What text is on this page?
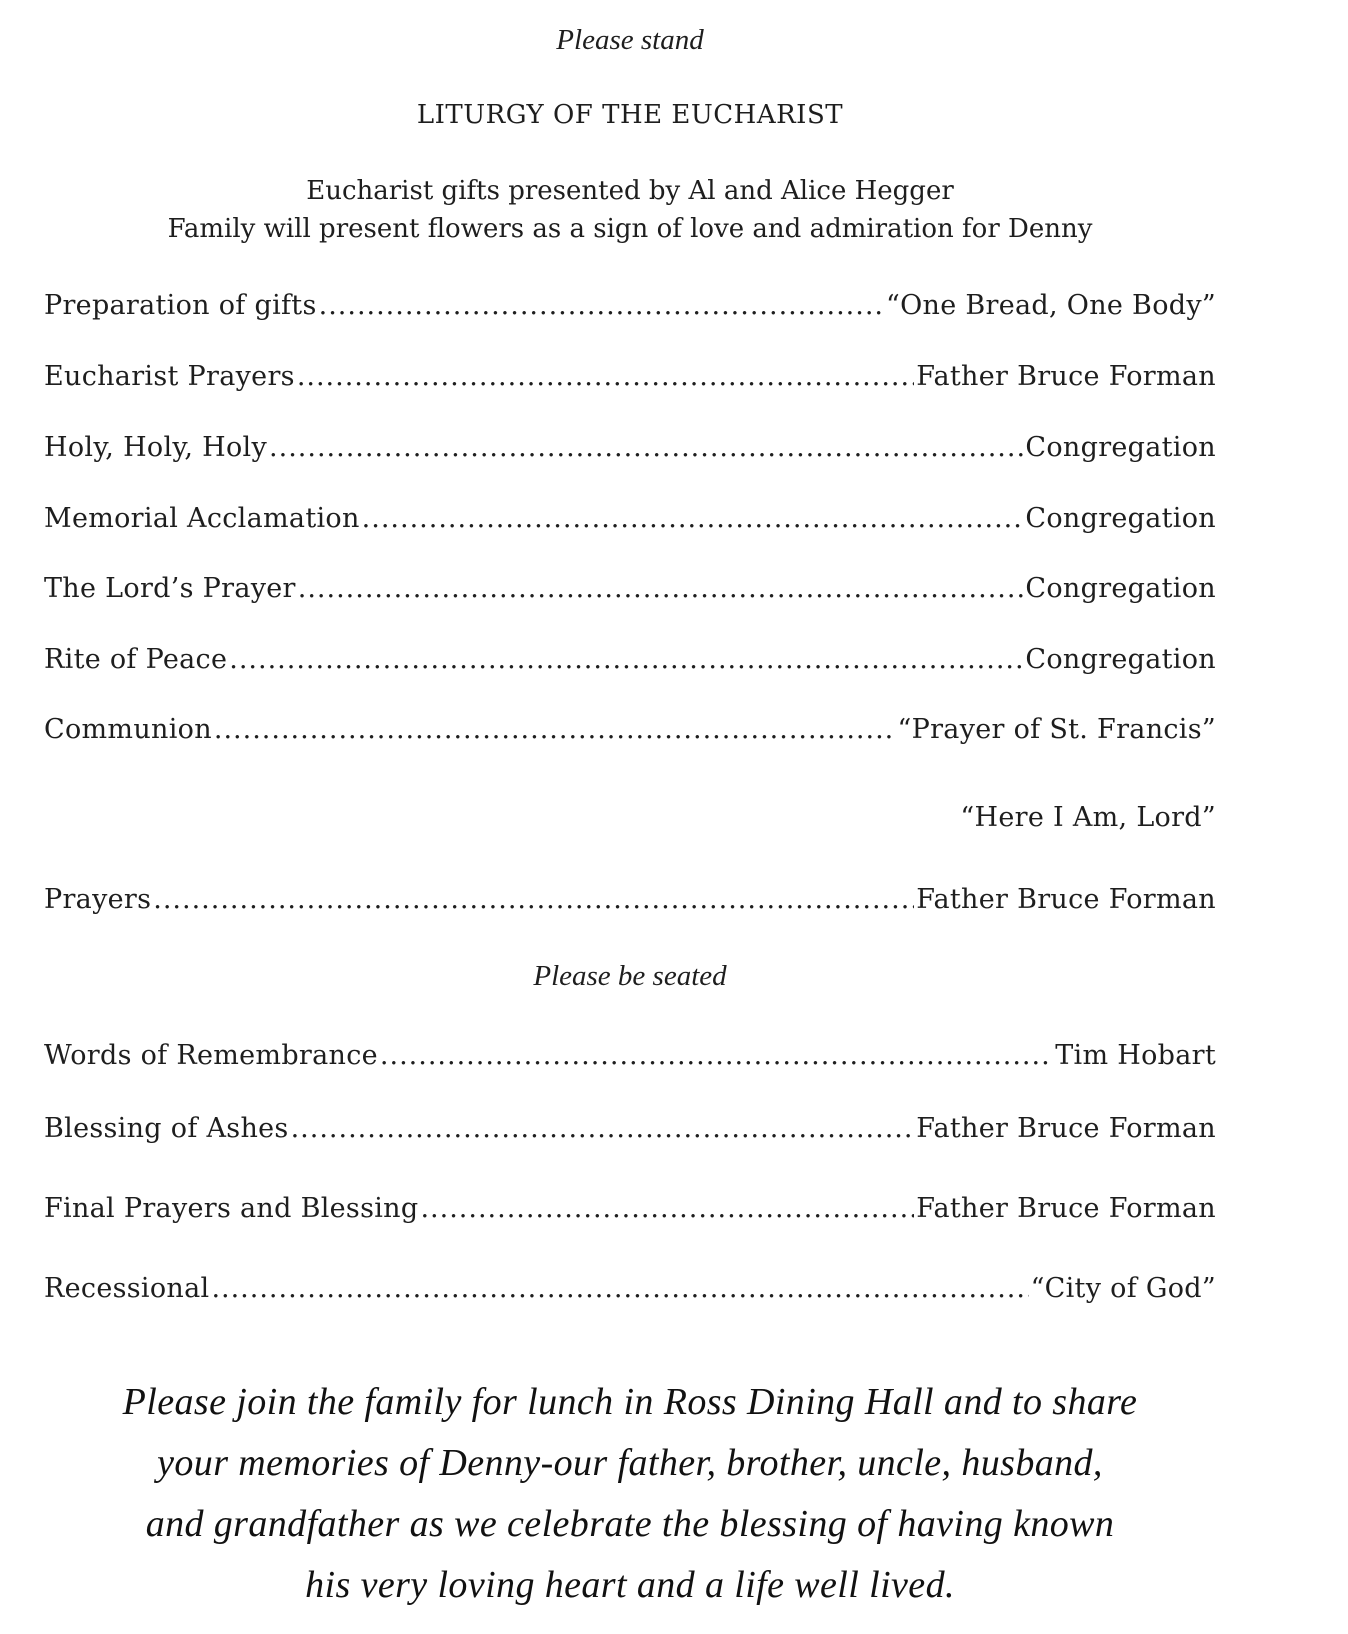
Please stand
LITURGY OF THE EUCHARIST
Eucharist gifts presented by Al and Alice Hegger
Family will present flowers as a sign of love and admiration for Denny
Preparation of gifts .....	“One Bread, One Body”
Eucharist Prayers .....	Father Bruce Forman
Holy, Holy, Holy .....	Congregation
Memorial Acclamation .....	Congregation
The Lord’s Prayer .....	Congregation
Rite of Peace .....	Congregation
Communion .....	“Prayer of St. Francis”
“Here I Am, Lord”
Prayers .....	Father Bruce Forman
Please be seated
Words of Remembrance .....	Tim Hobart
Blessing of Ashes .....	Father Bruce Forman
Final Prayers and Blessing .....	Father Bruce Forman
Recessional .....	“City of God”
Please join the family for lunch in Ross Dining Hall and to share
your memories of Denny-our father, brother, uncle, husband,
and grandfather as we celebrate the blessing of having known
his very loving heart and a life well lived.
